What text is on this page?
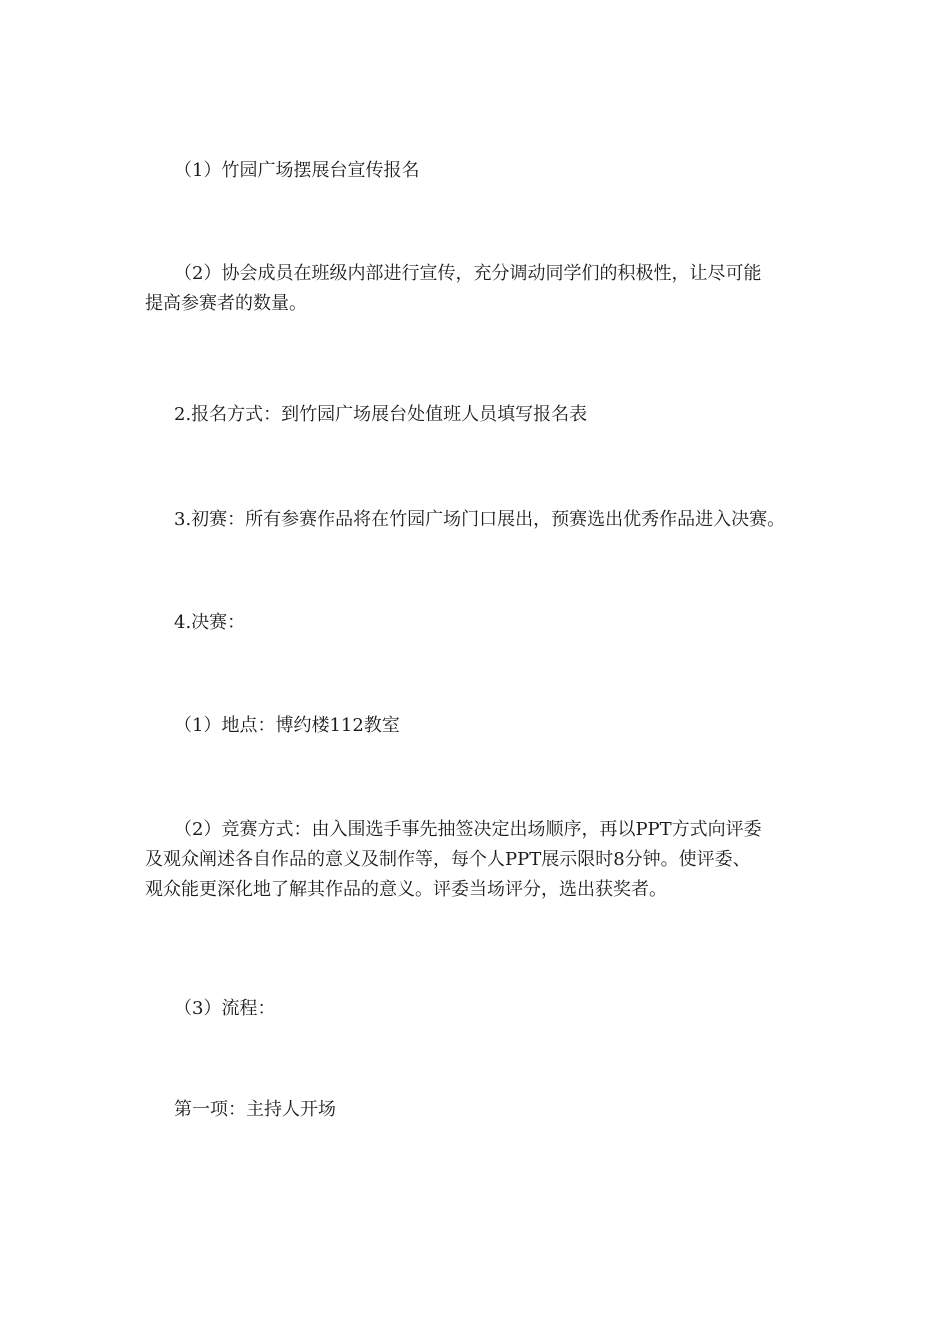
（1）竹园广场摆展台宣传报名

（2）协会成员在班级内部进行宣传，充分调动同学们的积极性，让尽可能
提高参赛者的数量。

2.报名方式：到竹园广场展台处值班人员填写报名表

3.初赛：所有参赛作品将在竹园广场门口展出，预赛选出优秀作品进入决赛。

4.决赛：

（1）地点：博约楼112教室

（2）竞赛方式：由入围选手事先抽签决定出场顺序，再以PPT方式向评委
及观众阐述各自作品的意义及制作等，每个人PPT展示限时8分钟。使评委、
观众能更深化地了解其作品的意义。评委当场评分，选出获奖者。

（3）流程：

第一项：主持人开场
